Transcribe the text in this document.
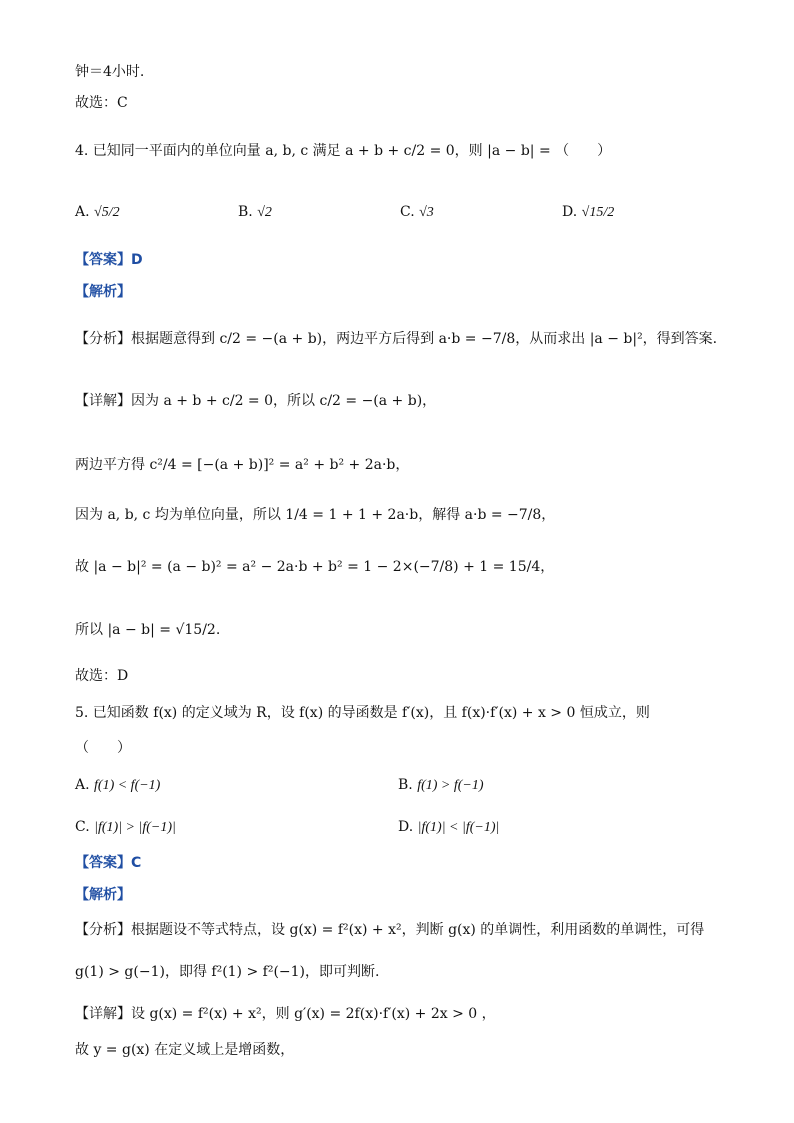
钟＝4小时.
故选：C
4. 已知同一平面内的单位向量 a, b, c 满足 a + b + c/2 = 0，则 |a − b| = （　　）
A. √5/2	B. √2	C. √3	D. √15/2
【答案】D
【解析】
【分析】根据题意得到 c/2 = −(a + b)，两边平方后得到 a·b = −7/8，从而求出 |a − b|²，得到答案.
【详解】因为 a + b + c/2 = 0，所以 c/2 = −(a + b)，
两边平方得 c²/4 = [−(a + b)]² = a² + b² + 2a·b，
因为 a, b, c 均为单位向量，所以 1/4 = 1 + 1 + 2a·b，解得 a·b = −7/8，
故 |a − b|² = (a − b)² = a² − 2a·b + b² = 1 − 2×(−7/8) + 1 = 15/4，
所以 |a − b| = √15/2.
故选：D
5. 已知函数 f(x) 的定义域为 R，设 f(x) 的导函数是 f′(x)，且 f(x)·f′(x) + x > 0 恒成立，则
（　　）
A. f(1) < f(−1)	B. f(1) > f(−1)
C. |f(1)| > |f(−1)|	D. |f(1)| < |f(−1)|
【答案】C
【解析】
【分析】根据题设不等式特点，设 g(x) = f²(x) + x²，判断 g(x) 的单调性，利用函数的单调性，可得
g(1) > g(−1)，即得 f²(1) > f²(−1)，即可判断.
【详解】设 g(x) = f²(x) + x²，则 g′(x) = 2f(x)·f′(x) + 2x > 0 ，
故 y = g(x) 在定义域上是增函数，
